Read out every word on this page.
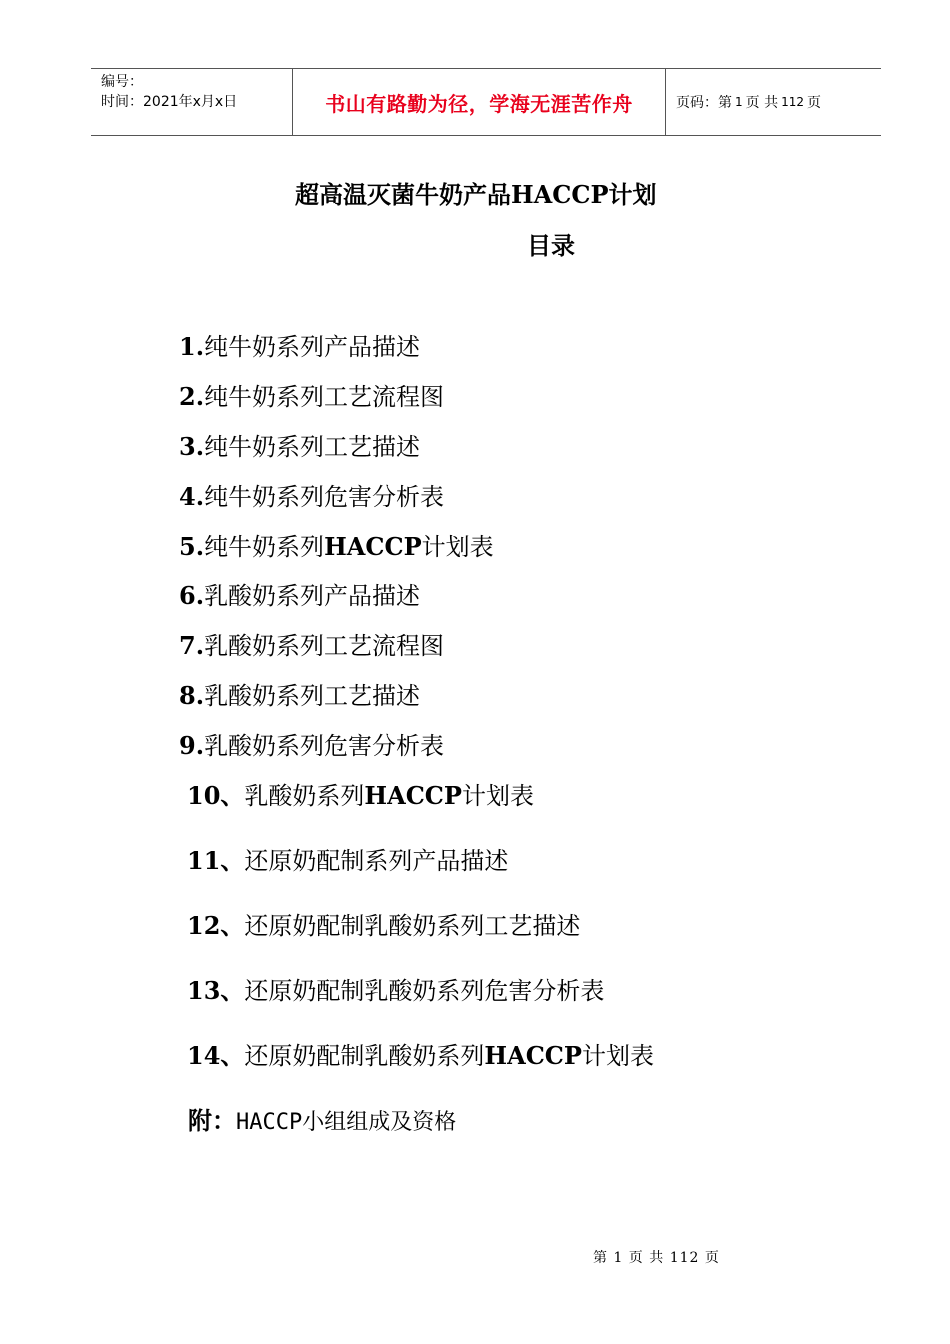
编号：
时间：2021年x月x日	书山有路勤为径，学海无涯苦作舟	页码：第 1 页 共 112 页
超高温灭菌牛奶产品HACCP计划
目录
1.纯牛奶系列产品描述
2.纯牛奶系列工艺流程图
3.纯牛奶系列工艺描述
4.纯牛奶系列危害分析表
5.纯牛奶系列HACCP计划表
6.乳酸奶系列产品描述
7.乳酸奶系列工艺流程图
8.乳酸奶系列工艺描述
9.乳酸奶系列危害分析表
10、乳酸奶系列HACCP计划表
11、还原奶配制系列产品描述
12、还原奶配制乳酸奶系列工艺描述
13、还原奶配制乳酸奶系列危害分析表
14、还原奶配制乳酸奶系列HACCP计划表
附：HACCP小组组成及资格
第 1 页 共 112 页
